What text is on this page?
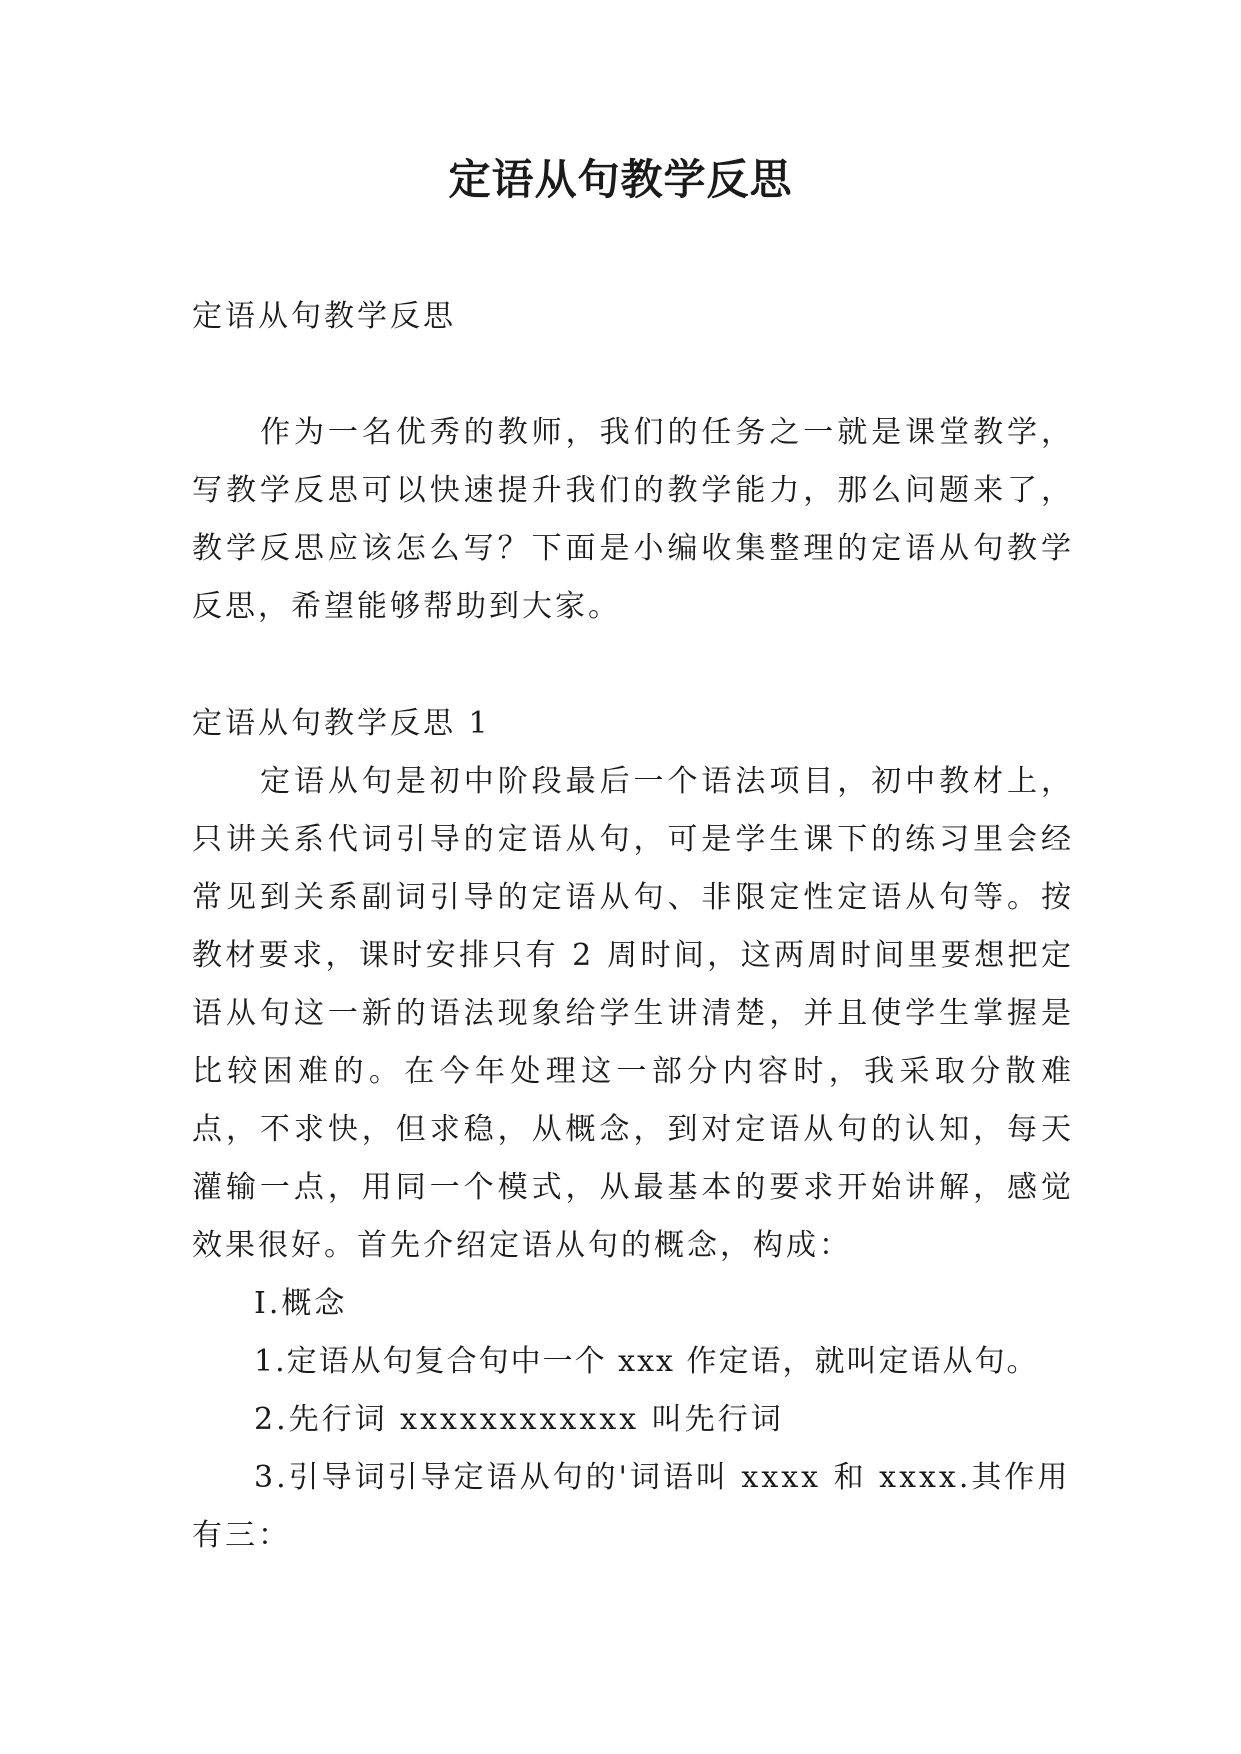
定语从句教学反思

定语从句教学反思

作为一名优秀的教师，我们的任务之一就是课堂教学，写教学反思可以快速提升我们的教学能力，那么问题来了，教学反思应该怎么写？下面是小编收集整理的定语从句教学反思，希望能够帮助到大家。

定语从句教学反思 1

定语从句是初中阶段最后一个语法项目，初中教材上，只讲关系代词引导的定语从句，可是学生课下的练习里会经常见到关系副词引导的定语从句、非限定性定语从句等。按教材要求，课时安排只有 2 周时间，这两周时间里要想把定语从句这一新的语法现象给学生讲清楚，并且使学生掌握是比较困难的。在今年处理这一部分内容时，我采取分散难点，不求快，但求稳，从概念，到对定语从句的认知，每天灌输一点，用同一个模式，从最基本的要求开始讲解，感觉效果很好。首先介绍定语从句的概念，构成：

I.概念

1.定语从句复合句中一个 xxx 作定语，就叫定语从句。

2.先行词 xxxxxxxxxxxx 叫先行词

3.引导词引导定语从句的'词语叫 xxxx 和 xxxx.其作用有三：
